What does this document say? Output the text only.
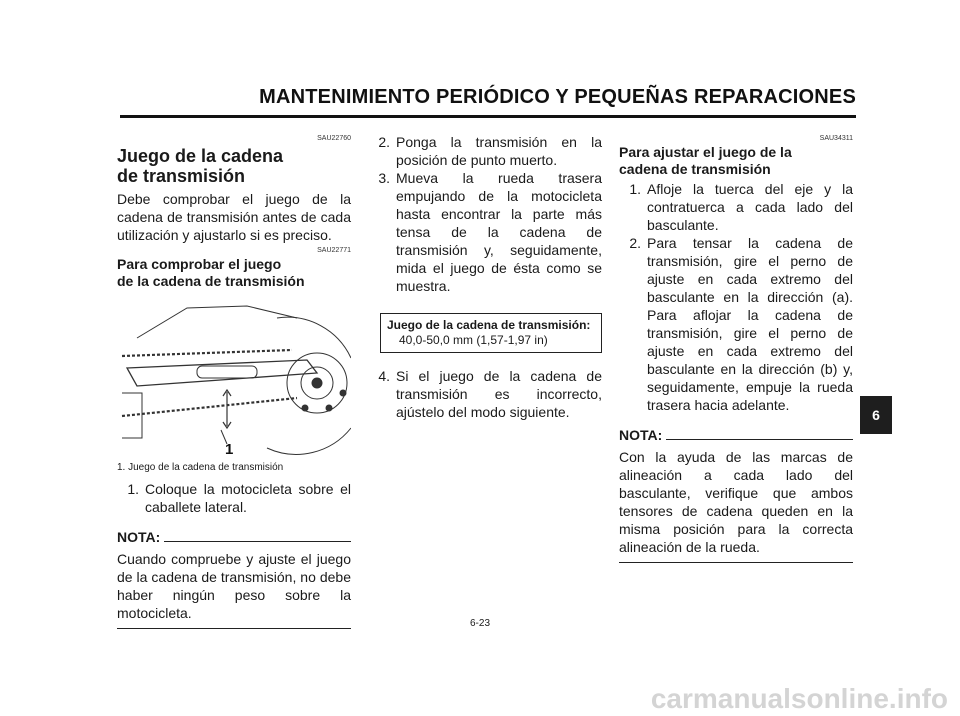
MANTENIMIENTO PERIÓDICO Y PEQUEÑAS REPARACIONES
SAU22760
Juego de la cadena
de transmisión
Debe comprobar el juego de la cadena de transmisión antes de cada utilización y ajustarlo si es preciso.
SAU22771
Para comprobar el juego
de la cadena de transmisión
1
1. Juego de la cadena de transmisión
1. Coloque la motocicleta sobre el caballete lateral.
NOTA:
Cuando compruebe y ajuste el juego de la cadena de transmisión, no debe haber ningún peso sobre la motocicleta.
2. Ponga la transmisión en la posición de punto muerto.
3. Mueva la rueda trasera empujando de la motocicleta hasta encontrar la parte más tensa de la cadena de transmisión y, seguidamente, mida el juego de ésta como se muestra.
Juego de la cadena de transmisión:
40,0-50,0 mm (1,57-1,97 in)
4. Si el juego de la cadena de transmisión es incorrecto, ajústelo del modo siguiente.
SAU34311
Para ajustar el juego de la
cadena de transmisión
1. Afloje la tuerca del eje y la contratuerca a cada lado del basculante.
2. Para tensar la cadena de transmisión, gire el perno de ajuste en cada extremo del basculante en la dirección (a). Para aflojar la cadena de transmisión, gire el perno de ajuste en cada extremo del basculante en la dirección (b) y, seguidamente, empuje la rueda trasera hacia adelante.
NOTA:
Con la ayuda de las marcas de alineación a cada lado del basculante, verifique que ambos tensores de cadena queden en la misma posición para la correcta alineación de la rueda.
6
6-23
carmanualsonline.info
